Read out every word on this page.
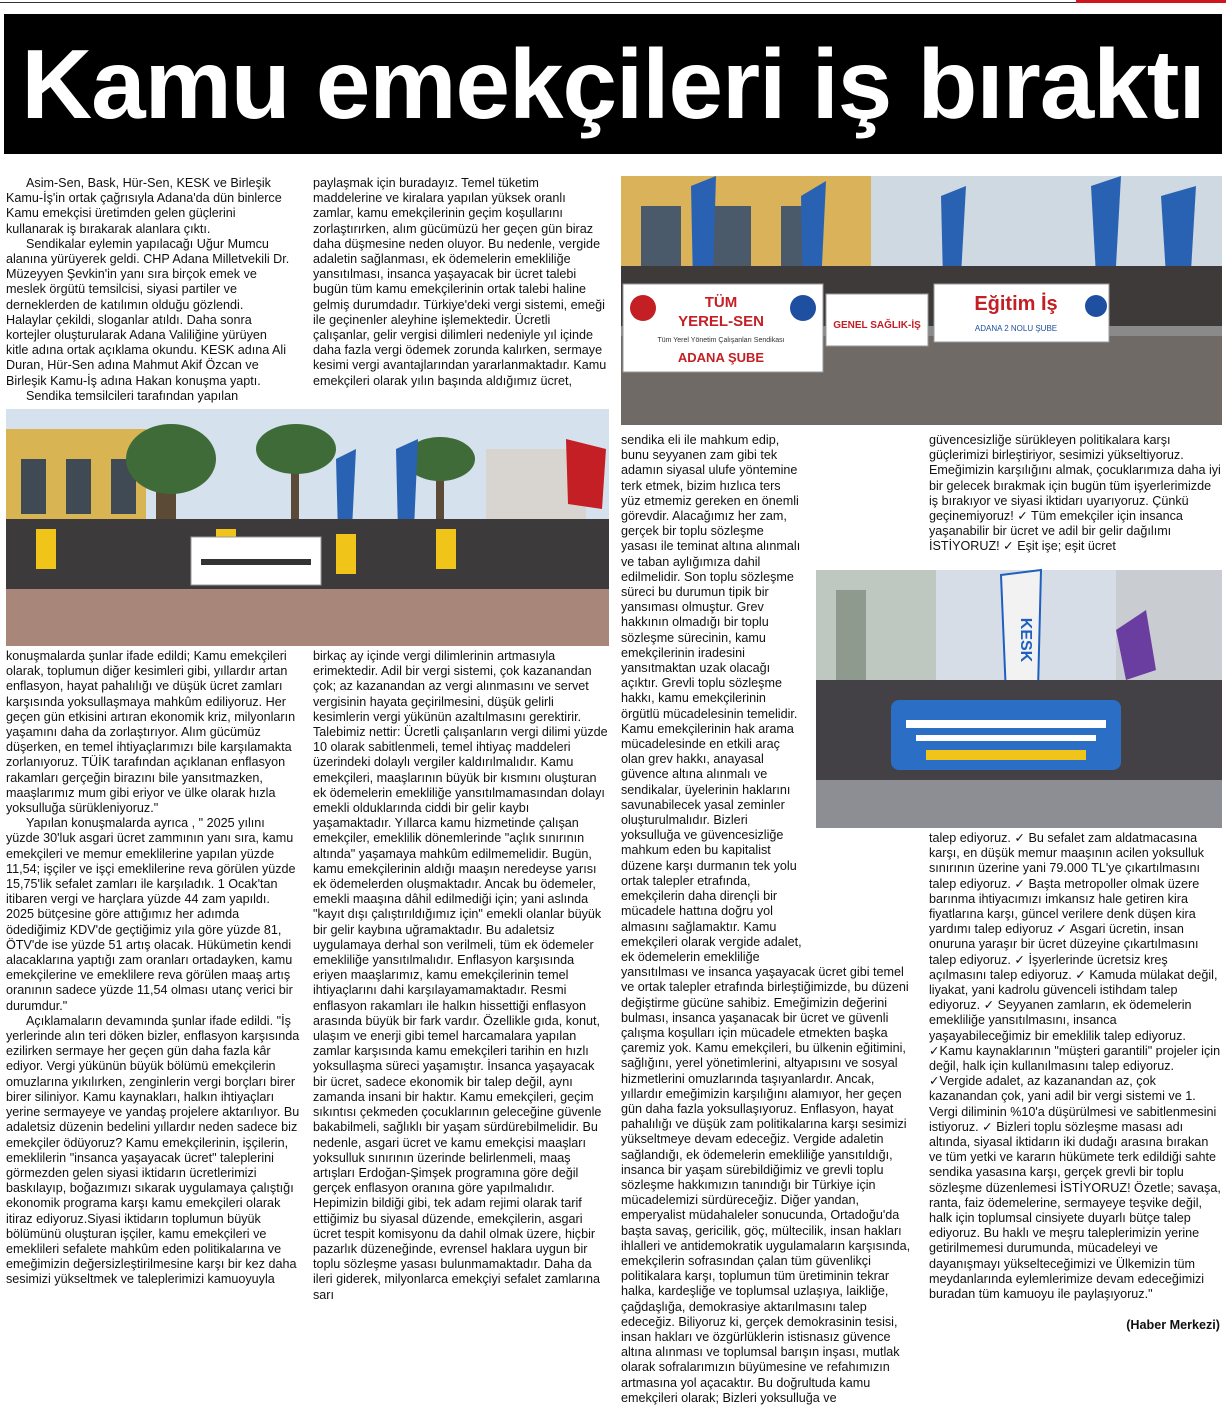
Kamu emekçileri iş bıraktı

Asim-Sen, Bask, Hür-Sen, KESK ve Birleşik Kamu-İş'in ortak çağrısıyla Adana'da dün binlerce Kamu emekçisi üretimden gelen güçlerini kullanarak iş bırakarak alanlara çıktı.

Sendikalar eylemin yapılacağı Uğur Mumcu alanına yürüyerek geldi. CHP Adana Milletvekili Dr. Müzeyyen Şevkin'in yanı sıra birçok emek ve meslek örgütü temsilcisi, siyasi partiler ve derneklerden de katılımın olduğu gözlendi. Halaylar çekildi, sloganlar atıldı. Daha sonra kortejler oluşturularak Adana Valiliğine yürüyen kitle adına ortak açıklama okundu. KESK adına Ali Duran, Hür-Sen adına Mahmut Akif Özcan ve Birleşik Kamu-İş adına Hakan konuşma yaptı.

Sendika temsilcileri tarafından yapılan

paylaşmak için buradayız. Temel tüketim maddelerine ve kiralara yapılan yüksek oranlı zamlar, kamu emekçilerinin geçim koşullarını zorlaştırırken, alım gücümüzü her geçen gün biraz daha düşmesine neden oluyor. Bu nedenle, vergide adaletin sağlanması, ek ödemelerin emekliliğe yansıtılması, insanca yaşayacak bir ücret talebi bugün tüm kamu emekçilerinin ortak talebi haline gelmiş durumdadır. Türkiye'deki vergi sistemi, emeği ile geçinenler aleyhine işlemektedir. Ücretli çalışanlar, gelir vergisi dilimleri nedeniyle yıl içinde daha fazla vergi ödemek zorunda kalırken, sermaye kesimi vergi avantajlarından yararlanmaktadır. Kamu emekçileri olarak yılın başında aldığımız ücret,

TÜM
YEREL-SEN
Tüm Yerel Yönetim Çalışanları Sendikası
ADANA ŞUBE
GENEL SAĞLIK-İŞ
Eğitim İş
ADANA 2 NOLU ŞUBE
KESK

konuşmalarda şunlar ifade edildi; Kamu emekçileri olarak, toplumun diğer kesimleri gibi, yıllardır artan enflasyon, hayat pahalılığı ve düşük ücret zamları karşısında yoksullaşmaya mahkûm ediliyoruz. Her geçen gün etkisini artıran ekonomik kriz, milyonların yaşamını daha da zorlaştırıyor. Alım gücümüz düşerken, en temel ihtiyaçlarımızı bile karşılamakta zorlanıyoruz. TÜİK tarafından açıklanan enflasyon rakamları gerçeğin birazını bile yansıtmazken, maaşlarımız mum gibi eriyor ve ülke olarak hızla yoksulluğa sürükleniyoruz."

Yapılan konuşmalarda ayrıca , " 2025 yılını yüzde 30'luk asgari ücret zammının yanı sıra, kamu emekçileri ve memur emeklilerine yapılan yüzde 11,54; işçiler ve işçi emeklilerine reva görülen yüzde 15,75'lik sefalet zamları ile karşıladık. 1 Ocak'tan itibaren vergi ve harçlara yüzde 44 zam yapıldı. 2025 bütçesine göre attığımız her adımda ödediğimiz KDV'de geçtiğimiz yıla göre yüzde 81, ÖTV'de ise yüzde 51 artış olacak. Hükümetin kendi alacaklarına yaptığı zam oranları ortadayken, kamu emekçilerine ve emeklilere reva görülen maaş artış oranının sadece yüzde 11,54 olması utanç verici bir durumdur."

Açıklamaların devamında şunlar ifade edildi. "İş yerlerinde alın teri döken bizler, enflasyon karşısında ezilirken sermaye her geçen gün daha fazla kâr ediyor. Vergi yükünün büyük bölümü emekçilerin omuzlarına yıkılırken, zenginlerin vergi borçları birer birer siliniyor. Kamu kaynakları, halkın ihtiyaçları yerine sermayeye ve yandaş projelere aktarılıyor. Bu adaletsiz düzenin bedelini yıllardır neden sadece biz emekçiler ödüyoruz? Kamu emekçilerinin, işçilerin, emeklilerin "insanca yaşayacak ücret" taleplerini görmezden gelen siyasi iktidarın ücretlerimizi baskılayıp, boğazımızı sıkarak uygulamaya çalıştığı ekonomik programa karşı kamu emekçileri olarak itiraz ediyoruz.Siyasi iktidarın toplumun büyük bölümünü oluşturan işçiler, kamu emekçileri ve emeklileri sefalete mahkûm eden politikalarına ve emeğimizin değersizleştirilmesine karşı bir kez daha sesimizi yükseltmek ve taleplerimizi kamuoyuyla

birkaç ay içinde vergi dilimlerinin artmasıyla erimektedir. Adil bir vergi sistemi, çok kazanandan çok; az kazanandan az vergi alınmasını ve servet vergisinin hayata geçirilmesini, düşük gelirli kesimlerin vergi yükünün azaltılmasını gerektirir. Talebimiz nettir: Ücretli çalışanların vergi dilimi yüzde 10 olarak sabitlenmeli, temel ihtiyaç maddeleri üzerindeki dolaylı vergiler kaldırılmalıdır. Kamu emekçileri, maaşlarının büyük bir kısmını oluşturan ek ödemelerin emekliliğe yansıtılmamasından dolayı emekli olduklarında ciddi bir gelir kaybı yaşamaktadır. Yıllarca kamu hizmetinde çalışan emekçiler, emeklilik dönemlerinde "açlık sınırının altında" yaşamaya mahkûm edilmemelidir. Bugün, kamu emekçilerinin aldığı maaşın neredeyse yarısı ek ödemelerden oluşmaktadır. Ancak bu ödemeler, emekli maaşına dâhil edilmediği için; yani aslında "kayıt dışı çalıştırıldığımız için" emekli olanlar büyük bir gelir kaybına uğramaktadır. Bu adaletsiz uygulamaya derhal son verilmeli, tüm ek ödemeler emekliliğe yansıtılmalıdır. Enflasyon karşısında eriyen maaşlarımız, kamu emekçilerinin temel ihtiyaçlarını dahi karşılayamamaktadır. Resmi enflasyon rakamları ile halkın hissettiği enflasyon arasında büyük bir fark vardır. Özellikle gıda, konut, ulaşım ve enerji gibi temel harcamalara yapılan zamlar karşısında kamu emekçileri tarihin en hızlı yoksullaşma süreci yaşamıştır. İnsanca yaşayacak bir ücret, sadece ekonomik bir talep değil, aynı zamanda insani bir haktır. Kamu emekçileri, geçim sıkıntısı çekmeden çocuklarının geleceğine güvenle bakabilmeli, sağlıklı bir yaşam sürdürebilmelidir. Bu nedenle, asgari ücret ve kamu emekçisi maaşları yoksulluk sınırının üzerinde belirlenmeli, maaş artışları Erdoğan-Şimşek programına göre değil gerçek enflasyon oranına göre yapılmalıdır. Hepimizin bildiği gibi, tek adam rejimi olarak tarif ettiğimiz bu siyasal düzende, emekçilerin, asgari ücret tespit komisyonu da dahil olmak üzere, hiçbir pazarlık düzeneğinde, evrensel haklara uygun bir toplu sözleşme yasası bulunmamaktadır. Daha da ileri giderek, milyonlarca emekçiyi sefalet zamlarına sarı

sendika eli ile mahkum edip, bunu seyyanen zam gibi tek adamın siyasal ulufe yöntemine terk etmek, bizim hızlıca ters yüz etmemiz gereken en önemli görevdir. Alacağımız her zam, gerçek bir toplu sözleşme yasası ile teminat altına alınmalı ve taban aylığımıza dahil edilmelidir. Son toplu sözleşme süreci bu durumun tipik bir yansıması olmuştur. Grev hakkının olmadığı bir toplu sözleşme sürecinin, kamu emekçilerinin iradesini yansıtmaktan uzak olacağı açıktır. Grevli toplu sözleşme hakkı, kamu emekçilerinin örgütlü mücadelesinin temelidir. Kamu emekçilerinin hak arama mücadelesinde en etkili araç olan grev hakkı, anayasal güvence altına alınmalı ve sendikalar, üyelerinin haklarını savunabilecek yasal zeminler oluşturulmalıdır. Bizleri yoksulluğa ve güvencesizliğe mahkum eden bu kapitalist düzene karşı durmanın tek yolu ortak talepler etrafında, emekçilerin daha dirençli bir mücadele hattına doğru yol almasını sağlamaktır. Kamu emekçileri olarak vergide adalet, ek ödemelerin emekliliğe yansıtılması ve insanca yaşayacak ücret gibi temel ve ortak talepler etrafında birleştiğimizde, bu düzeni değiştirme gücüne sahibiz. Emeğimizin değerini bulması, insanca yaşanacak bir ücret ve güvenli çalışma koşulları için mücadele etmekten başka çaremiz yok. Kamu emekçileri, bu ülkenin eğitimini, sağlığını, yerel yönetimlerini, altyapısını ve sosyal hizmetlerini omuzlarında taşıyanlardır. Ancak, yıllardır emeğimizin karşılığını alamıyor, her geçen gün daha fazla yoksullaşıyoruz. Enflasyon, hayat pahalılığı ve düşük zam politikalarına karşı sesimizi yükseltmeye devam edeceğiz. Vergide adaletin sağlandığı, ek ödemelerin emekliliğe yansıtıldığı, insanca bir yaşam sürebildiğimiz ve grevli toplu sözleşme hakkımızın tanındığı bir Türkiye için mücadelemizi sürdüreceğiz. Diğer yandan, emperyalist müdahaleler sonucunda, Ortadoğu'da başta savaş, gericilik, göç, mültecilik, insan hakları ihlalleri ve antidemokratik uygulamaların karşısında, emekçilerin sofrasından çalan tüm güvenlikçi politikalara karşı, toplumun tüm üretiminin tekrar halka, kardeşliğe ve toplumsal uzlaşıya, laikliğe, çağdaşlığa, demokrasiye aktarılmasını talep edeceğiz. Biliyoruz ki, gerçek demokrasinin tesisi, insan hakları ve özgürlüklerin istisnasız güvence altına alınması ve toplumsal barışın inşası, mutlak olarak sofralarımızın büyümesine ve refahımızın artmasına yol açacaktır. Bu doğrultuda kamu emekçileri olarak; Bizleri yoksulluğa ve

güvencesizliğe sürükleyen politikalara karşı güçlerimizi birleştiriyor, sesimizi yükseltiyoruz. Emeğimizin karşılığını almak, çocuklarımıza daha iyi bir gelecek bırakmak için bugün tüm işyerlerimizde iş bırakıyor ve siyasi iktidarı uyarıyoruz. Çünkü geçinemiyoruz! ✓ Tüm emekçiler için insanca yaşanabilir bir ücret ve adil bir gelir dağılımı İSTİYORUZ! ✓ Eşit işe; eşit ücret

talep ediyoruz. ✓ Bu sefalet zam aldatmacasına karşı, en düşük memur maaşının acilen yoksulluk sınırının üzerine yani 79.000 TL'ye çıkartılmasını talep ediyoruz. ✓ Başta metropoller olmak üzere barınma ihtiyacımızı imkansız hale getiren kira fiyatlarına karşı, güncel verilere denk düşen kira yardımı talep ediyoruz ✓ Asgari ücretin, insan onuruna yaraşır bir ücret düzeyine çıkartılmasını talep ediyoruz. ✓ İşyerlerinde ücretsiz kreş açılmasını talep ediyoruz. ✓ Kamuda mülakat değil, liyakat, yani kadrolu güvenceli istihdam talep ediyoruz. ✓ Seyyanen zamların, ek ödemelerin emekliliğe yansıtılmasını, insanca yaşayabileceğimiz bir emeklilik talep ediyoruz. ✓Kamu kaynaklarının "müşteri garantili" projeler için değil, halk için kullanılmasını talep ediyoruz. ✓Vergide adalet, az kazanandan az, çok kazanandan çok, yani adil bir vergi sistemi ve 1. Vergi diliminin %10'a düşürülmesi ve sabitlenmesini istiyoruz. ✓ Bizleri toplu sözleşme masası adı altında, siyasal iktidarın iki dudağı arasına bırakan ve tüm yetki ve kararın hükümete terk edildiği sahte sendika yasasına karşı, gerçek grevli bir toplu sözleşme düzenlemesi İSTİYORUZ! Özetle; savaşa, ranta, faiz ödemelerine, sermayeye teşvike değil, halk için toplumsal cinsiyete duyarlı bütçe talep ediyoruz. Bu haklı ve meşru taleplerimizin yerine getirilmemesi durumunda, mücadeleyi ve dayanışmayı yükselteceğimizi ve Ülkemizin tüm meydanlarında eylemlerimize devam edeceğimizi buradan tüm kamuoyu ile paylaşıyoruz."

(Haber Merkezi)
